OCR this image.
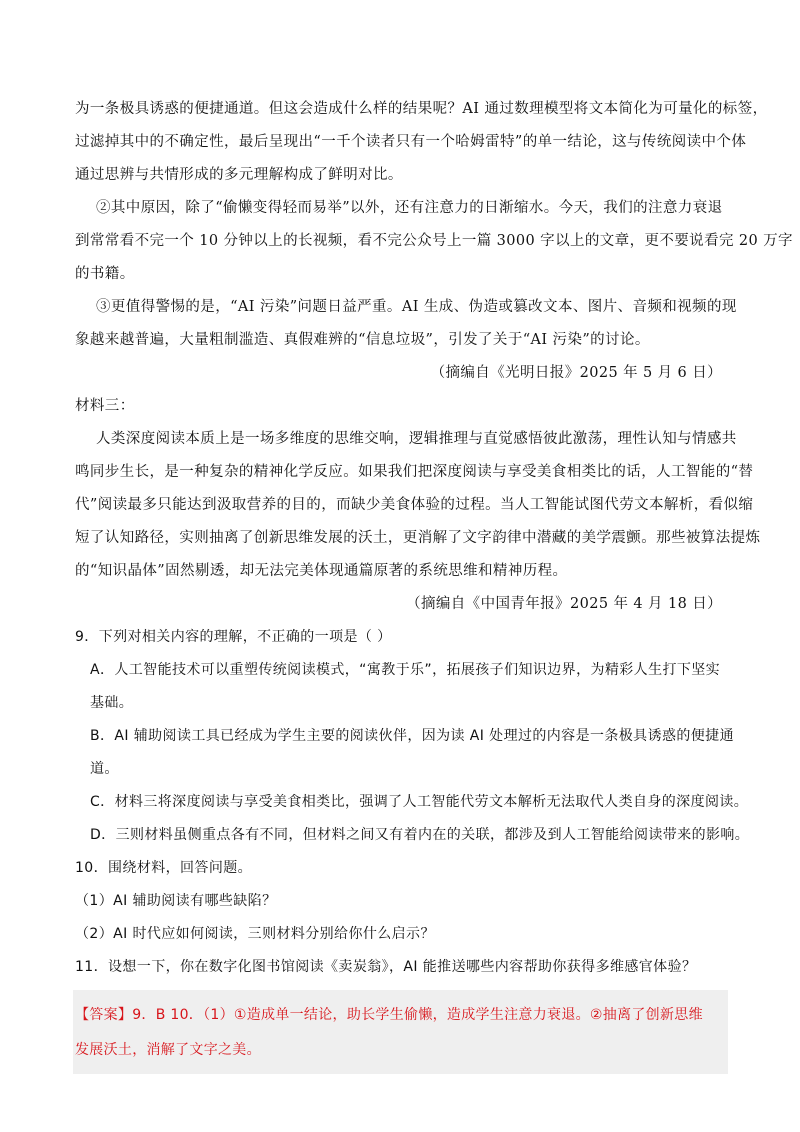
为一条极具诱惑的便捷通道。但这会造成什么样的结果呢？AI 通过数理模型将文本简化为可量化的标签，
过滤掉其中的不确定性，最后呈现出“一千个读者只有一个哈姆雷特”的单一结论，这与传统阅读中个体
通过思辨与共情形成的多元理解构成了鲜明对比。
②其中原因，除了“偷懒变得轻而易举”以外，还有注意力的日渐缩水。今天，我们的注意力衰退
到常常看不完一个 10 分钟以上的长视频，看不完公众号上一篇 3000 字以上的文章，更不要说看完 20 万字
的书籍。
③更值得警惕的是，“AI 污染”问题日益严重。AI 生成、伪造或篡改文本、图片、音频和视频的现
象越来越普遍，大量粗制滥造、真假难辨的“信息垃圾”，引发了关于“AI 污染”的讨论。
（摘编自《光明日报》2025 年 5 月 6 日）
材料三：
人类深度阅读本质上是一场多维度的思维交响，逻辑推理与直觉感悟彼此激荡，理性认知与情感共
鸣同步生长，是一种复杂的精神化学反应。如果我们把深度阅读与享受美食相类比的话，人工智能的“替
代”阅读最多只能达到汲取营养的目的，而缺少美食体验的过程。当人工智能试图代劳文本解析，看似缩
短了认知路径，实则抽离了创新思维发展的沃土，更消解了文字韵律中潜藏的美学震颤。那些被算法提炼
的“知识晶体”固然剔透，却无法完美体现通篇原著的系统思维和精神历程。
（摘编自《中国青年报》2025 年 4 月 18 日）
9．下列对相关内容的理解，不正确的一项是（ ）
A．人工智能技术可以重塑传统阅读模式，“寓教于乐”，拓展孩子们知识边界，为精彩人生打下坚实
基础。
B．AI 辅助阅读工具已经成为学生主要的阅读伙伴，因为读 AI 处理过的内容是一条极具诱惑的便捷通
道。
C．材料三将深度阅读与享受美食相类比，强调了人工智能代劳文本解析无法取代人类自身的深度阅读。
D．三则材料虽侧重点各有不同，但材料之间又有着内在的关联，都涉及到人工智能给阅读带来的影响。
10．围绕材料，回答问题。
（1）AI 辅助阅读有哪些缺陷？
（2）AI 时代应如何阅读，三则材料分别给你什么启示？
11．设想一下，你在数字化图书馆阅读《卖炭翁》，AI 能推送哪些内容帮助你获得多维感官体验？
【答案】9．B 10．（1）①造成单一结论，助长学生偷懒，造成学生注意力衰退。②抽离了创新思维
发展沃土，消解了文字之美。
